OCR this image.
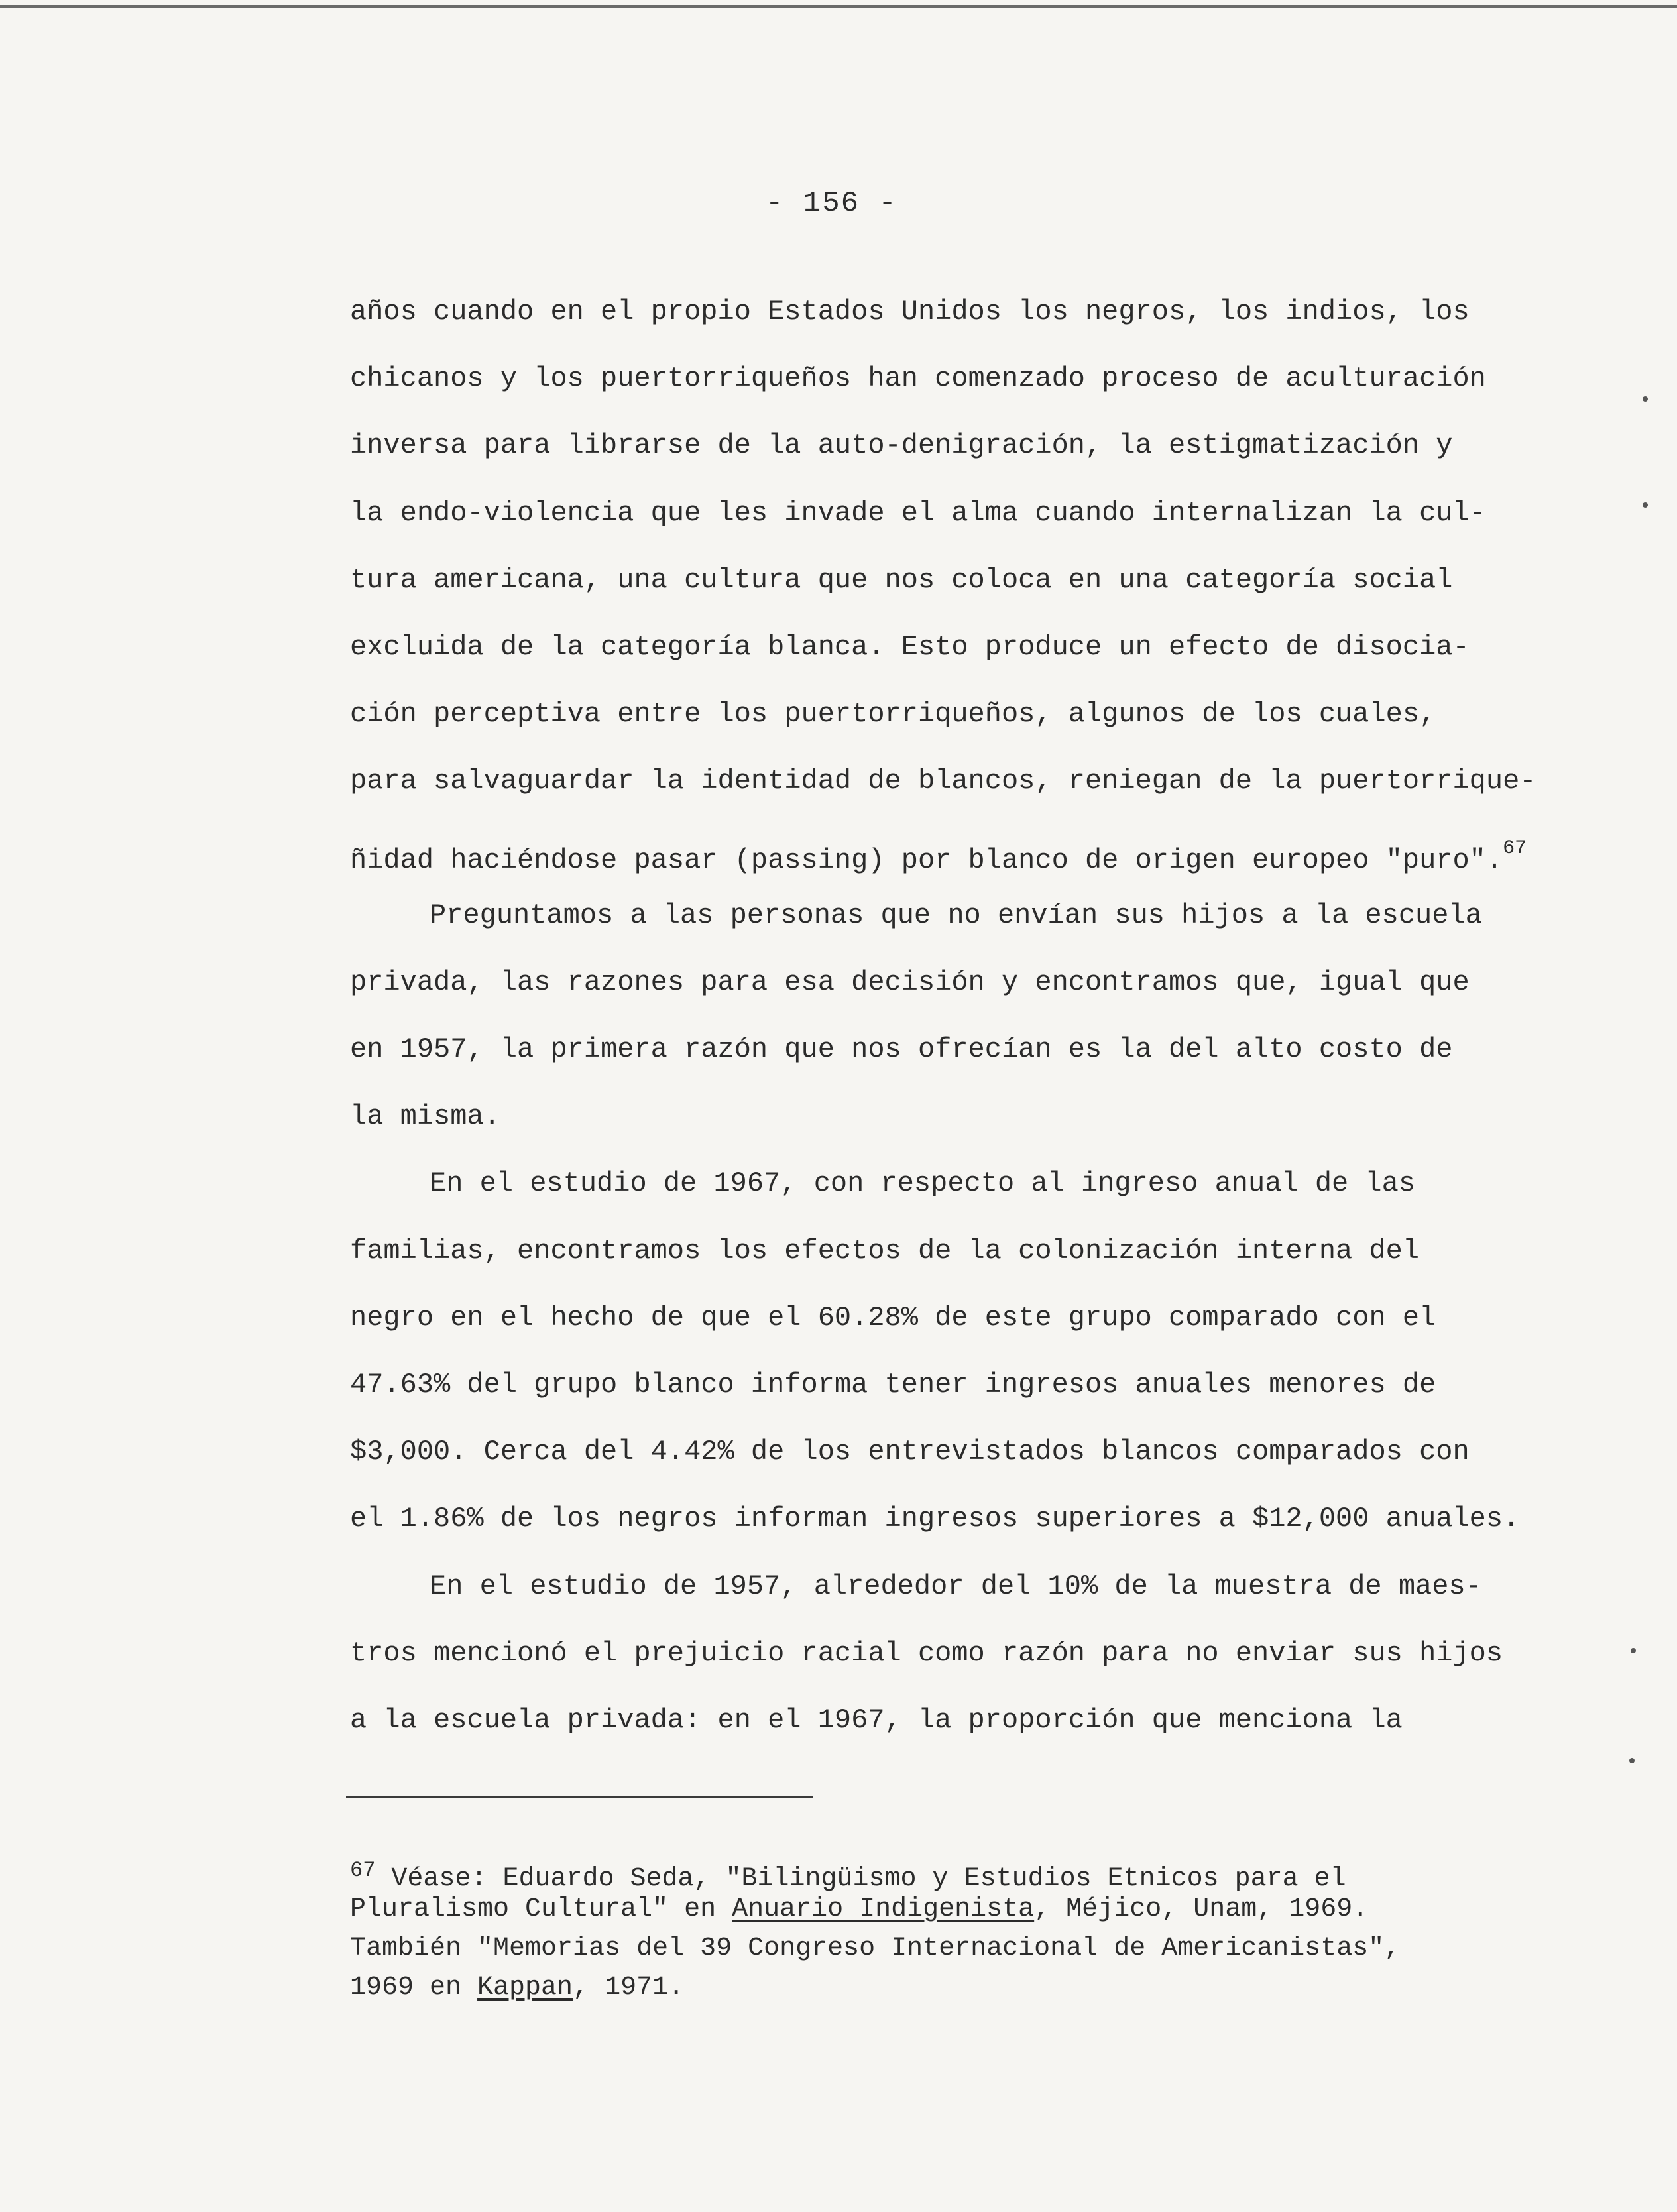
- 156 -
años cuando en el propio Estados Unidos los negros, los indios, los
chicanos y los puertorriqueños han comenzado proceso de aculturación
inversa para librarse de la auto-denigración, la estigmatización y
la endo-violencia que les invade el alma cuando internalizan la cul-
tura americana, una cultura que nos coloca en una categoría social
excluida de la categoría blanca. Esto produce un efecto de disocia-
ción perceptiva entre los puertorriqueños, algunos de los cuales,
para salvaguardar la identidad de blancos, reniegan de la puertorrique-
ñidad haciéndose pasar (passing) por blanco de origen europeo "puro".$^{67}$
Preguntamos a las personas que no envían sus hijos a la escuela
privada, las razones para esa decisión y encontramos que, igual que
en 1957, la primera razón que nos ofrecían es la del alto costo de
la misma.
En el estudio de 1967, con respecto al ingreso anual de las
familias, encontramos los efectos de la colonización interna del
negro en el hecho de que el 60.28% de este grupo comparado con el
47.63% del grupo blanco informa tener ingresos anuales menores de
$3,000. Cerca del 4.42% de los entrevistados blancos comparados con
el 1.86% de los negros informan ingresos superiores a $12,000 anuales.
En el estudio de 1957, alrededor del 10% de la muestra de maes-
tros mencionó el prejuicio racial como razón para no enviar sus hijos
a la escuela privada: en el 1967, la proporción que menciona la
$^{67}$ Véase: Eduardo Seda, "Bilingüismo y Estudios Etnicos para el
Pluralismo Cultural" en Anuario Indigenista, Méjico, Unam, 1969.
También "Memorias del 39 Congreso Internacional de Americanistas",
1969 en Kappan, 1971.
